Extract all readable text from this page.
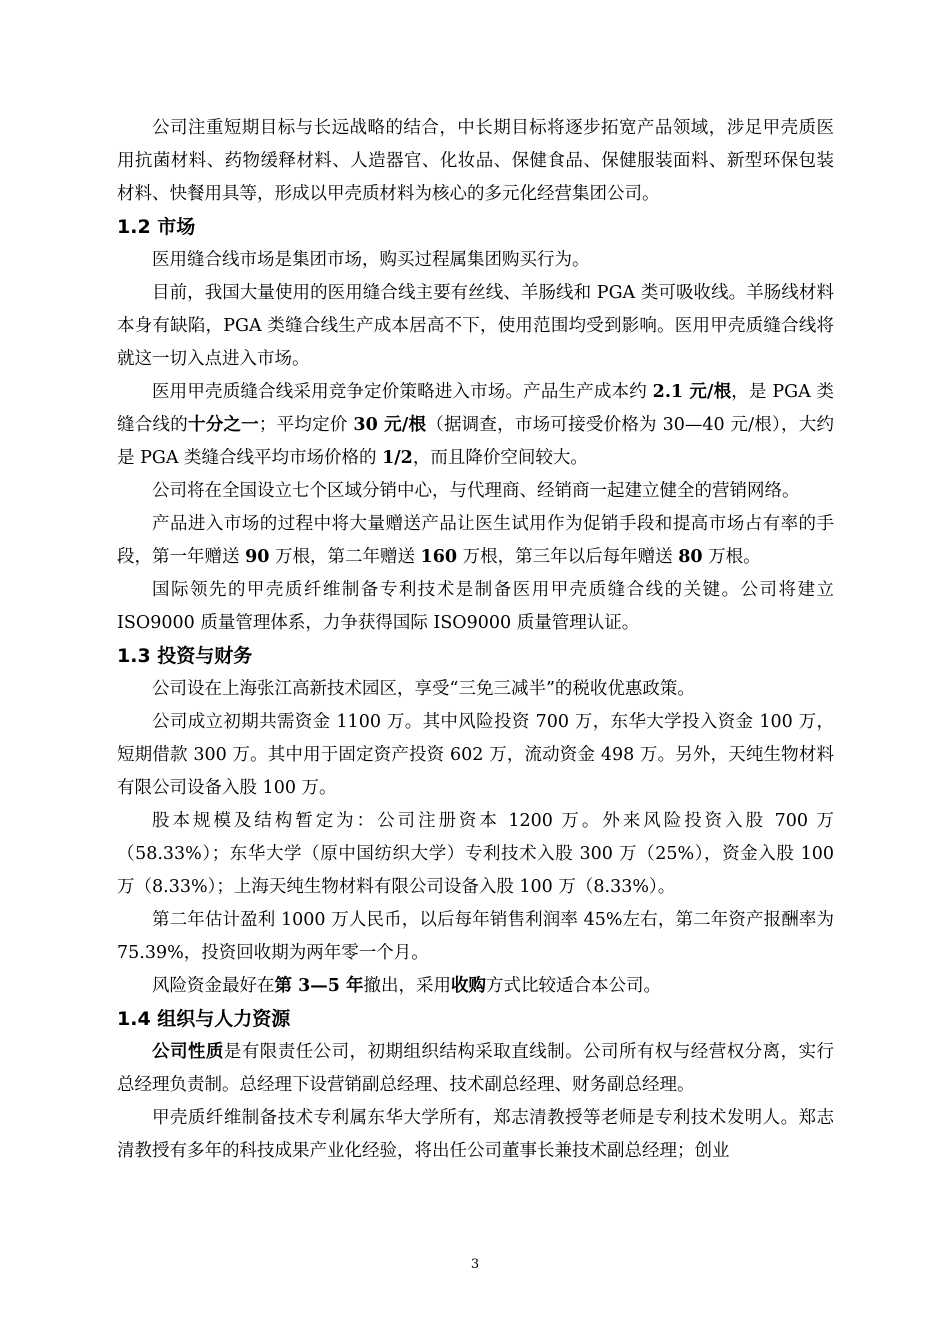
公司注重短期目标与长远战略的结合，中长期目标将逐步拓宽产品领域，涉足甲壳质医用抗菌材料、药物缓释材料、人造器官、化妆品、保健食品、保健服装面料、新型环保包装材料、快餐用具等，形成以甲壳质材料为核心的多元化经营集团公司。

1.2 市场

医用缝合线市场是集团市场，购买过程属集团购买行为。

目前，我国大量使用的医用缝合线主要有丝线、羊肠线和 PGA 类可吸收线。羊肠线材料本身有缺陷，PGA 类缝合线生产成本居高不下，使用范围均受到影响。医用甲壳质缝合线将就这一切入点进入市场。

医用甲壳质缝合线采用竞争定价策略进入市场。产品生产成本约 2.1 元/根，是 PGA 类缝合线的十分之一；平均定价 30 元/根（据调查，市场可接受价格为 30—40 元/根），大约是 PGA 类缝合线平均市场价格的 1/2，而且降价空间较大。

公司将在全国设立七个区域分销中心，与代理商、经销商一起建立健全的营销网络。

产品进入市场的过程中将大量赠送产品让医生试用作为促销手段和提高市场占有率的手段，第一年赠送 90 万根，第二年赠送 160 万根，第三年以后每年赠送 80 万根。

国际领先的甲壳质纤维制备专利技术是制备医用甲壳质缝合线的关键。公司将建立 ISO9000 质量管理体系，力争获得国际 ISO9000 质量管理认证。

1.3 投资与财务

公司设在上海张江高新技术园区，享受“三免三减半”的税收优惠政策。

公司成立初期共需资金 1100 万。其中风险投资 700 万，东华大学投入资金 100 万，短期借款 300 万。其中用于固定资产投资 602 万，流动资金 498 万。另外，天纯生物材料有限公司设备入股 100 万。

股本规模及结构暂定为：公司注册资本 1200 万。外来风险投资入股 700 万（58.33%）；东华大学（原中国纺织大学）专利技术入股 300 万（25%），资金入股 100 万（8.33%）；上海天纯生物材料有限公司设备入股 100 万（8.33%）。

第二年估计盈利 1000 万人民币，以后每年销售利润率 45%左右，第二年资产报酬率为 75.39%，投资回收期为两年零一个月。

风险资金最好在第 3—5 年撤出，采用收购方式比较适合本公司。

1.4 组织与人力资源

公司性质是有限责任公司，初期组织结构采取直线制。公司所有权与经营权分离，实行总经理负责制。总经理下设营销副总经理、技术副总经理、财务副总经理。

甲壳质纤维制备技术专利属东华大学所有，郑志清教授等老师是专利技术发明人。郑志清教授有多年的科技成果产业化经验，将出任公司董事长兼技术副总经理；创业

3
